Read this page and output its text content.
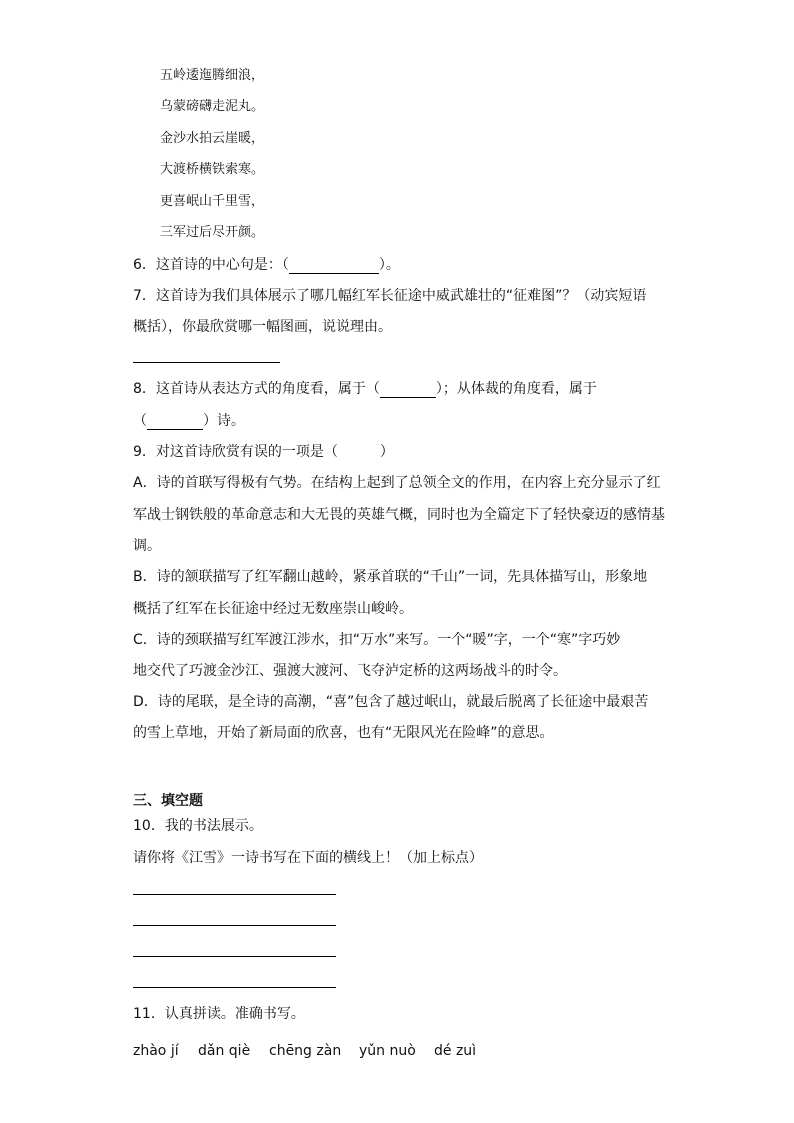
五岭逶迤腾细浪，
乌蒙磅礴走泥丸。
金沙水拍云崖暖，
大渡桥横铁索寒。
更喜岷山千里雪，
三军过后尽开颜。
6．这首诗的中心句是：（	）。
7．这首诗为我们具体展示了哪几幅红军长征途中威武雄壮的“征难图”？（动宾短语
概括），你最欣赏哪一幅图画，说说理由。
8．这首诗从表达方式的角度看，属于（	）；从体裁的角度看，属于
（	）诗。
9．对这首诗欣赏有误的一项是（　　　）
A．诗的首联写得极有气势。在结构上起到了总领全文的作用，在内容上充分显示了红
军战士钢铁般的革命意志和大无畏的英雄气概，同时也为全篇定下了轻快豪迈的感情基
调。
B．诗的颔联描写了红军翻山越岭，紧承首联的“千山”一词，先具体描写山，形象地
概括了红军在长征途中经过无数座崇山峻岭。
C．诗的颈联描写红军渡江涉水，扣“万水”来写。一个“暖”字，一个“寒”字巧妙
地交代了巧渡金沙江、强渡大渡河、飞夺泸定桥的这两场战斗的时令。
D．诗的尾联，是全诗的高潮，“喜”包含了越过岷山，就最后脱离了长征途中最艰苦
的雪上草地，开始了新局面的欣喜，也有“无限风光在险峰”的意思。
三、填空题
10．我的书法展示。
请你将《江雪》一诗书写在下面的横线上！（加上标点）
11．认真拼读。准确书写。
zhào jí dǎn qiè chēng zàn yǔn nuò dé zuì
